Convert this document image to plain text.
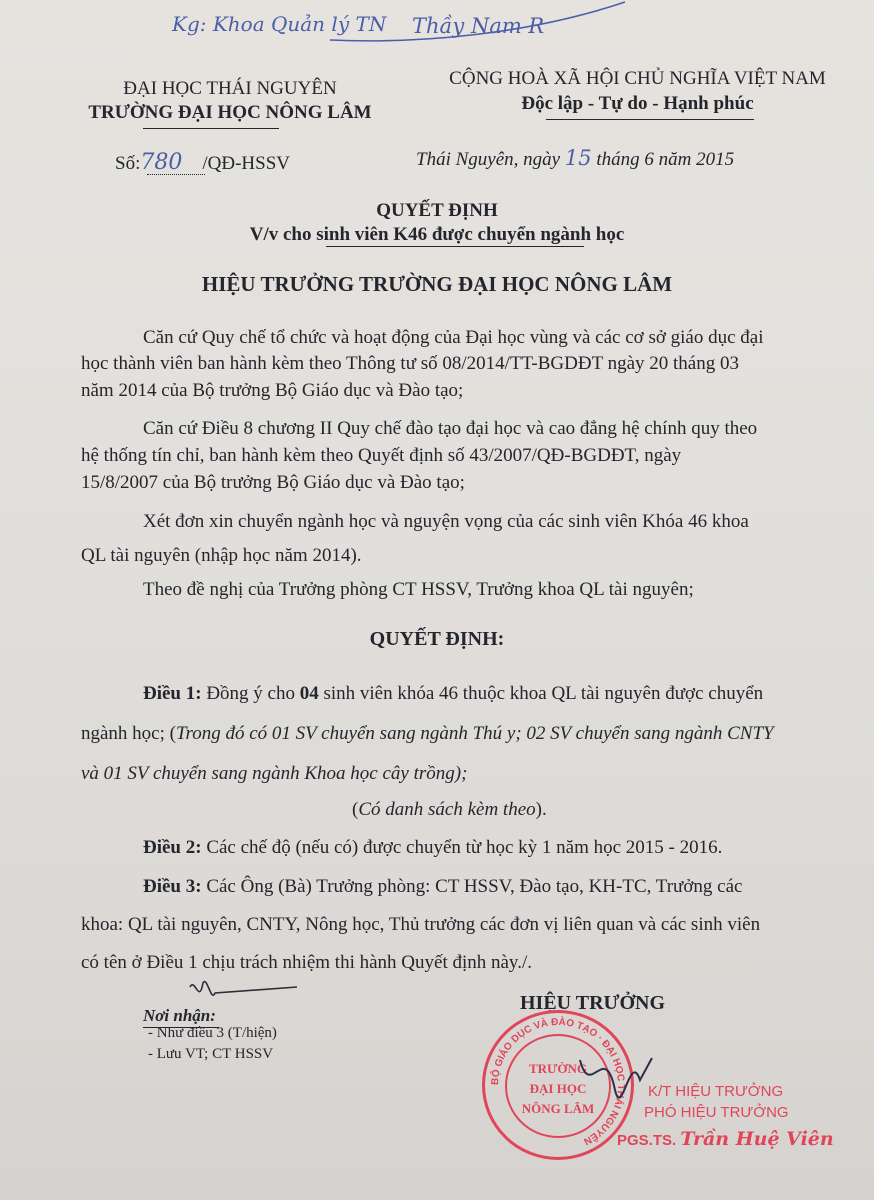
Kg: Khoa Quản lý TN Thầy Nam R
ĐẠI HỌC THÁI NGUYÊN
TRƯỜNG ĐẠI HỌC NÔNG LÂM
CỘNG HOÀ XÃ HỘI CHỦ NGHĨA VIỆT NAM
Độc lập - Tự do - Hạnh phúc
Số:780 /QĐ-HSSV	Thái Nguyên, ngày 15 tháng 6 năm 2015
QUYẾT ĐỊNH
V/v cho sinh viên K46 được chuyển ngành học
HIỆU TRƯỞNG TRƯỜNG ĐẠI HỌC NÔNG LÂM
Căn cứ Quy chế tổ chức và hoạt động của Đại học vùng và các cơ sở giáo dục đại
học thành viên ban hành kèm theo Thông tư số 08/2014/TT-BGDĐT ngày 20 tháng 03
năm 2014 của Bộ trưởng Bộ Giáo dục và Đào tạo;
Căn cứ Điều 8 chương II Quy chế đào tạo đại học và cao đẳng hệ chính quy theo
hệ thống tín chỉ, ban hành kèm theo Quyết định số 43/2007/QĐ-BGDĐT, ngày
15/8/2007 của Bộ trưởng Bộ Giáo dục và Đào tạo;
Xét đơn xin chuyển ngành học và nguyện vọng của các sinh viên Khóa 46 khoa
QL tài nguyên (nhập học năm 2014).
Theo đề nghị của Trưởng phòng CT HSSV, Trưởng khoa QL tài nguyên;
QUYẾT ĐỊNH:
Điều 1: Đồng ý cho 04 sinh viên khóa 46 thuộc khoa QL tài nguyên được chuyển
ngành học; (Trong đó có 01 SV chuyển sang ngành Thú y; 02 SV chuyển sang ngành CNTY
và 01 SV chuyển sang ngành Khoa học cây trồng);
(Có danh sách kèm theo).
Điều 2: Các chế độ (nếu có) được chuyển từ học kỳ 1 năm học 2015 - 2016.
Điều 3: Các Ông (Bà) Trưởng phòng: CT HSSV, Đào tạo, KH-TC, Trưởng các
khoa: QL tài nguyên, CNTY, Nông học, Thủ trưởng các đơn vị liên quan và các sinh viên
có tên ở Điều 1 chịu trách nhiệm thi hành Quyết định này./.
Nơi nhận:
- Như điều 3 (T/hiện)
- Lưu VT; CT HSSV
HIỆU TRƯỞNG
BỘ GIÁO DỤC VÀ ĐÀO TẠO · ĐẠI HỌC THÁI NGUYÊN
TRƯỜNG
ĐẠI HỌC
NÔNG LÂM
K/T HIỆU TRƯỞNG
PHÓ HIỆU TRƯỞNG
PGS.TS. Trần Huệ Viên
